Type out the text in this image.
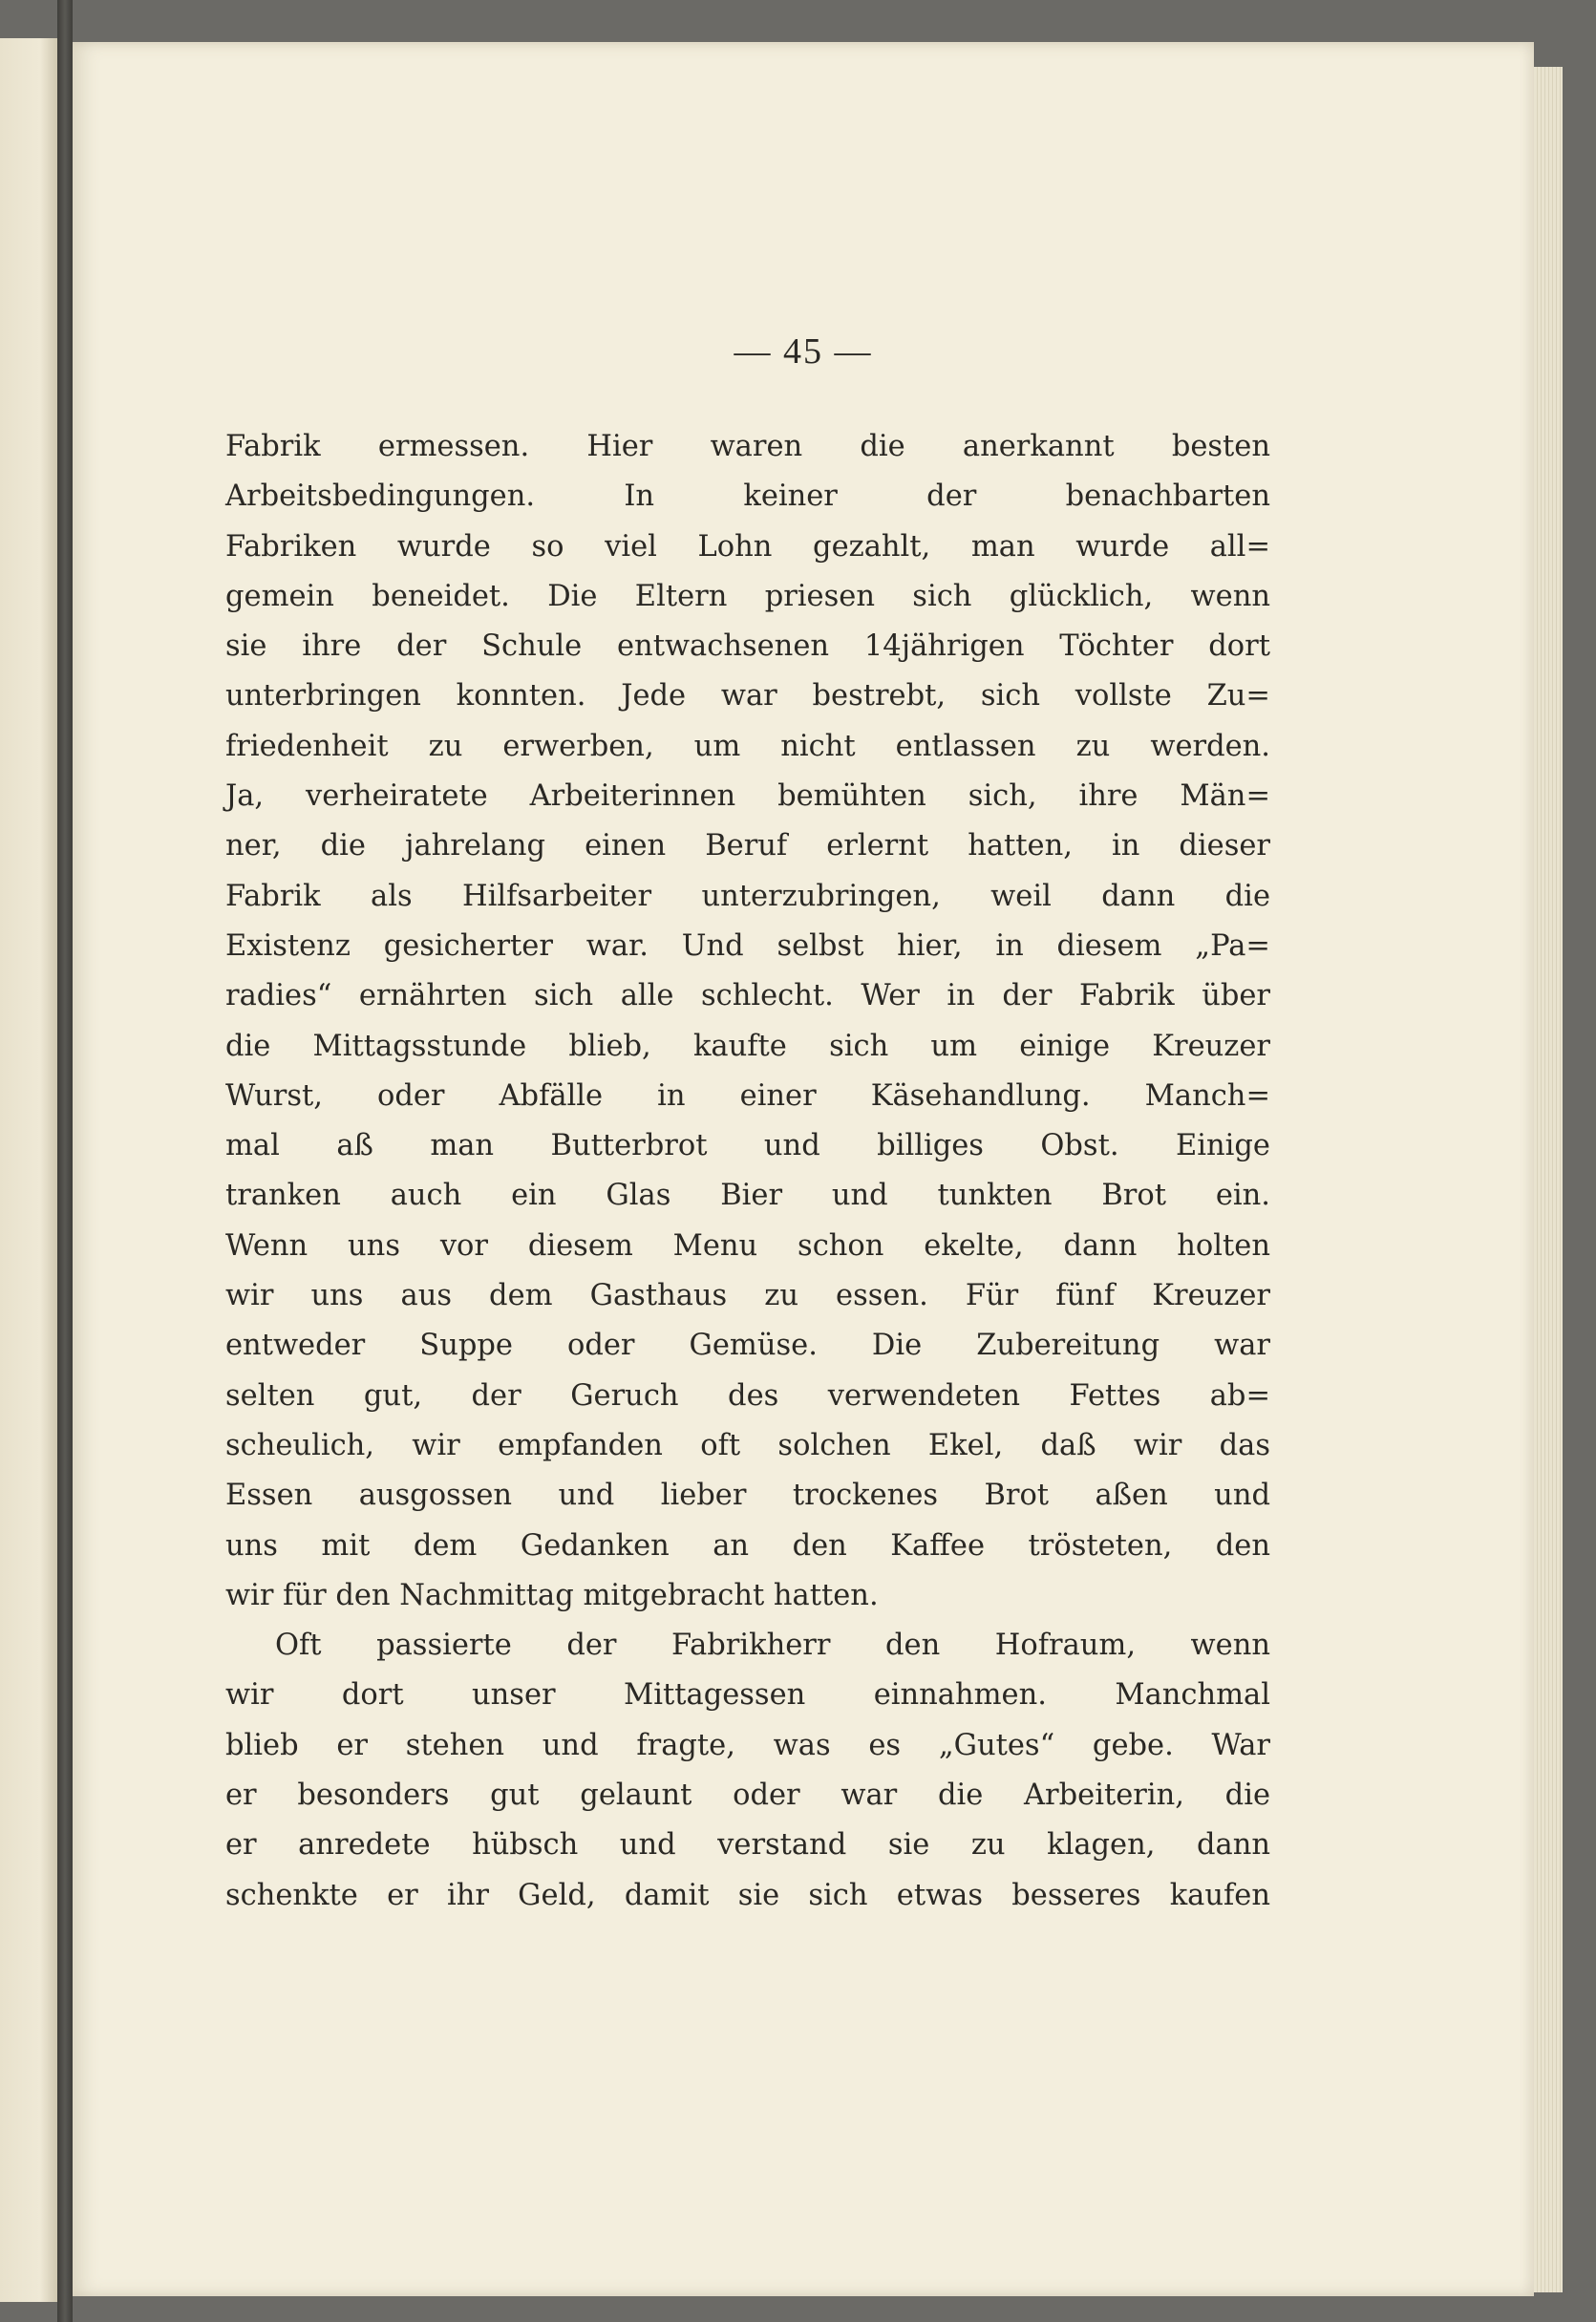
— 45 —
Fabrik ermessen. Hier waren die anerkannt besten
Arbeitsbedingungen. In keiner der benachbarten
Fabriken wurde so viel Lohn gezahlt, man wurde all=
gemein beneidet. Die Eltern priesen sich glücklich, wenn
sie ihre der Schule entwachsenen 14jährigen Töchter dort
unterbringen konnten. Jede war bestrebt, sich vollste Zu=
friedenheit zu erwerben, um nicht entlassen zu werden.
Ja, verheiratete Arbeiterinnen bemühten sich, ihre Män=
ner, die jahrelang einen Beruf erlernt hatten, in dieser
Fabrik als Hilfsarbeiter unterzubringen, weil dann die
Existenz gesicherter war. Und selbst hier, in diesem „Pa=
radies“ ernährten sich alle schlecht. Wer in der Fabrik über
die Mittagsstunde blieb, kaufte sich um einige Kreuzer
Wurst, oder Abfälle in einer Käsehandlung. Manch=
mal aß man Butterbrot und billiges Obst. Einige
tranken auch ein Glas Bier und tunkten Brot ein.
Wenn uns vor diesem Menu schon ekelte, dann holten
wir uns aus dem Gasthaus zu essen. Für fünf Kreuzer
entweder Suppe oder Gemüse. Die Zubereitung war
selten gut, der Geruch des verwendeten Fettes ab=
scheulich, wir empfanden oft solchen Ekel, daß wir das
Essen ausgossen und lieber trockenes Brot aßen und
uns mit dem Gedanken an den Kaffee trösteten, den
wir für den Nachmittag mitgebracht hatten.
Oft passierte der Fabrikherr den Hofraum, wenn
wir dort unser Mittagessen einnahmen. Manchmal
blieb er stehen und fragte, was es „Gutes“ gebe. War
er besonders gut gelaunt oder war die Arbeiterin, die
er anredete hübsch und verstand sie zu klagen, dann
schenkte er ihr Geld, damit sie sich etwas besseres kaufen
